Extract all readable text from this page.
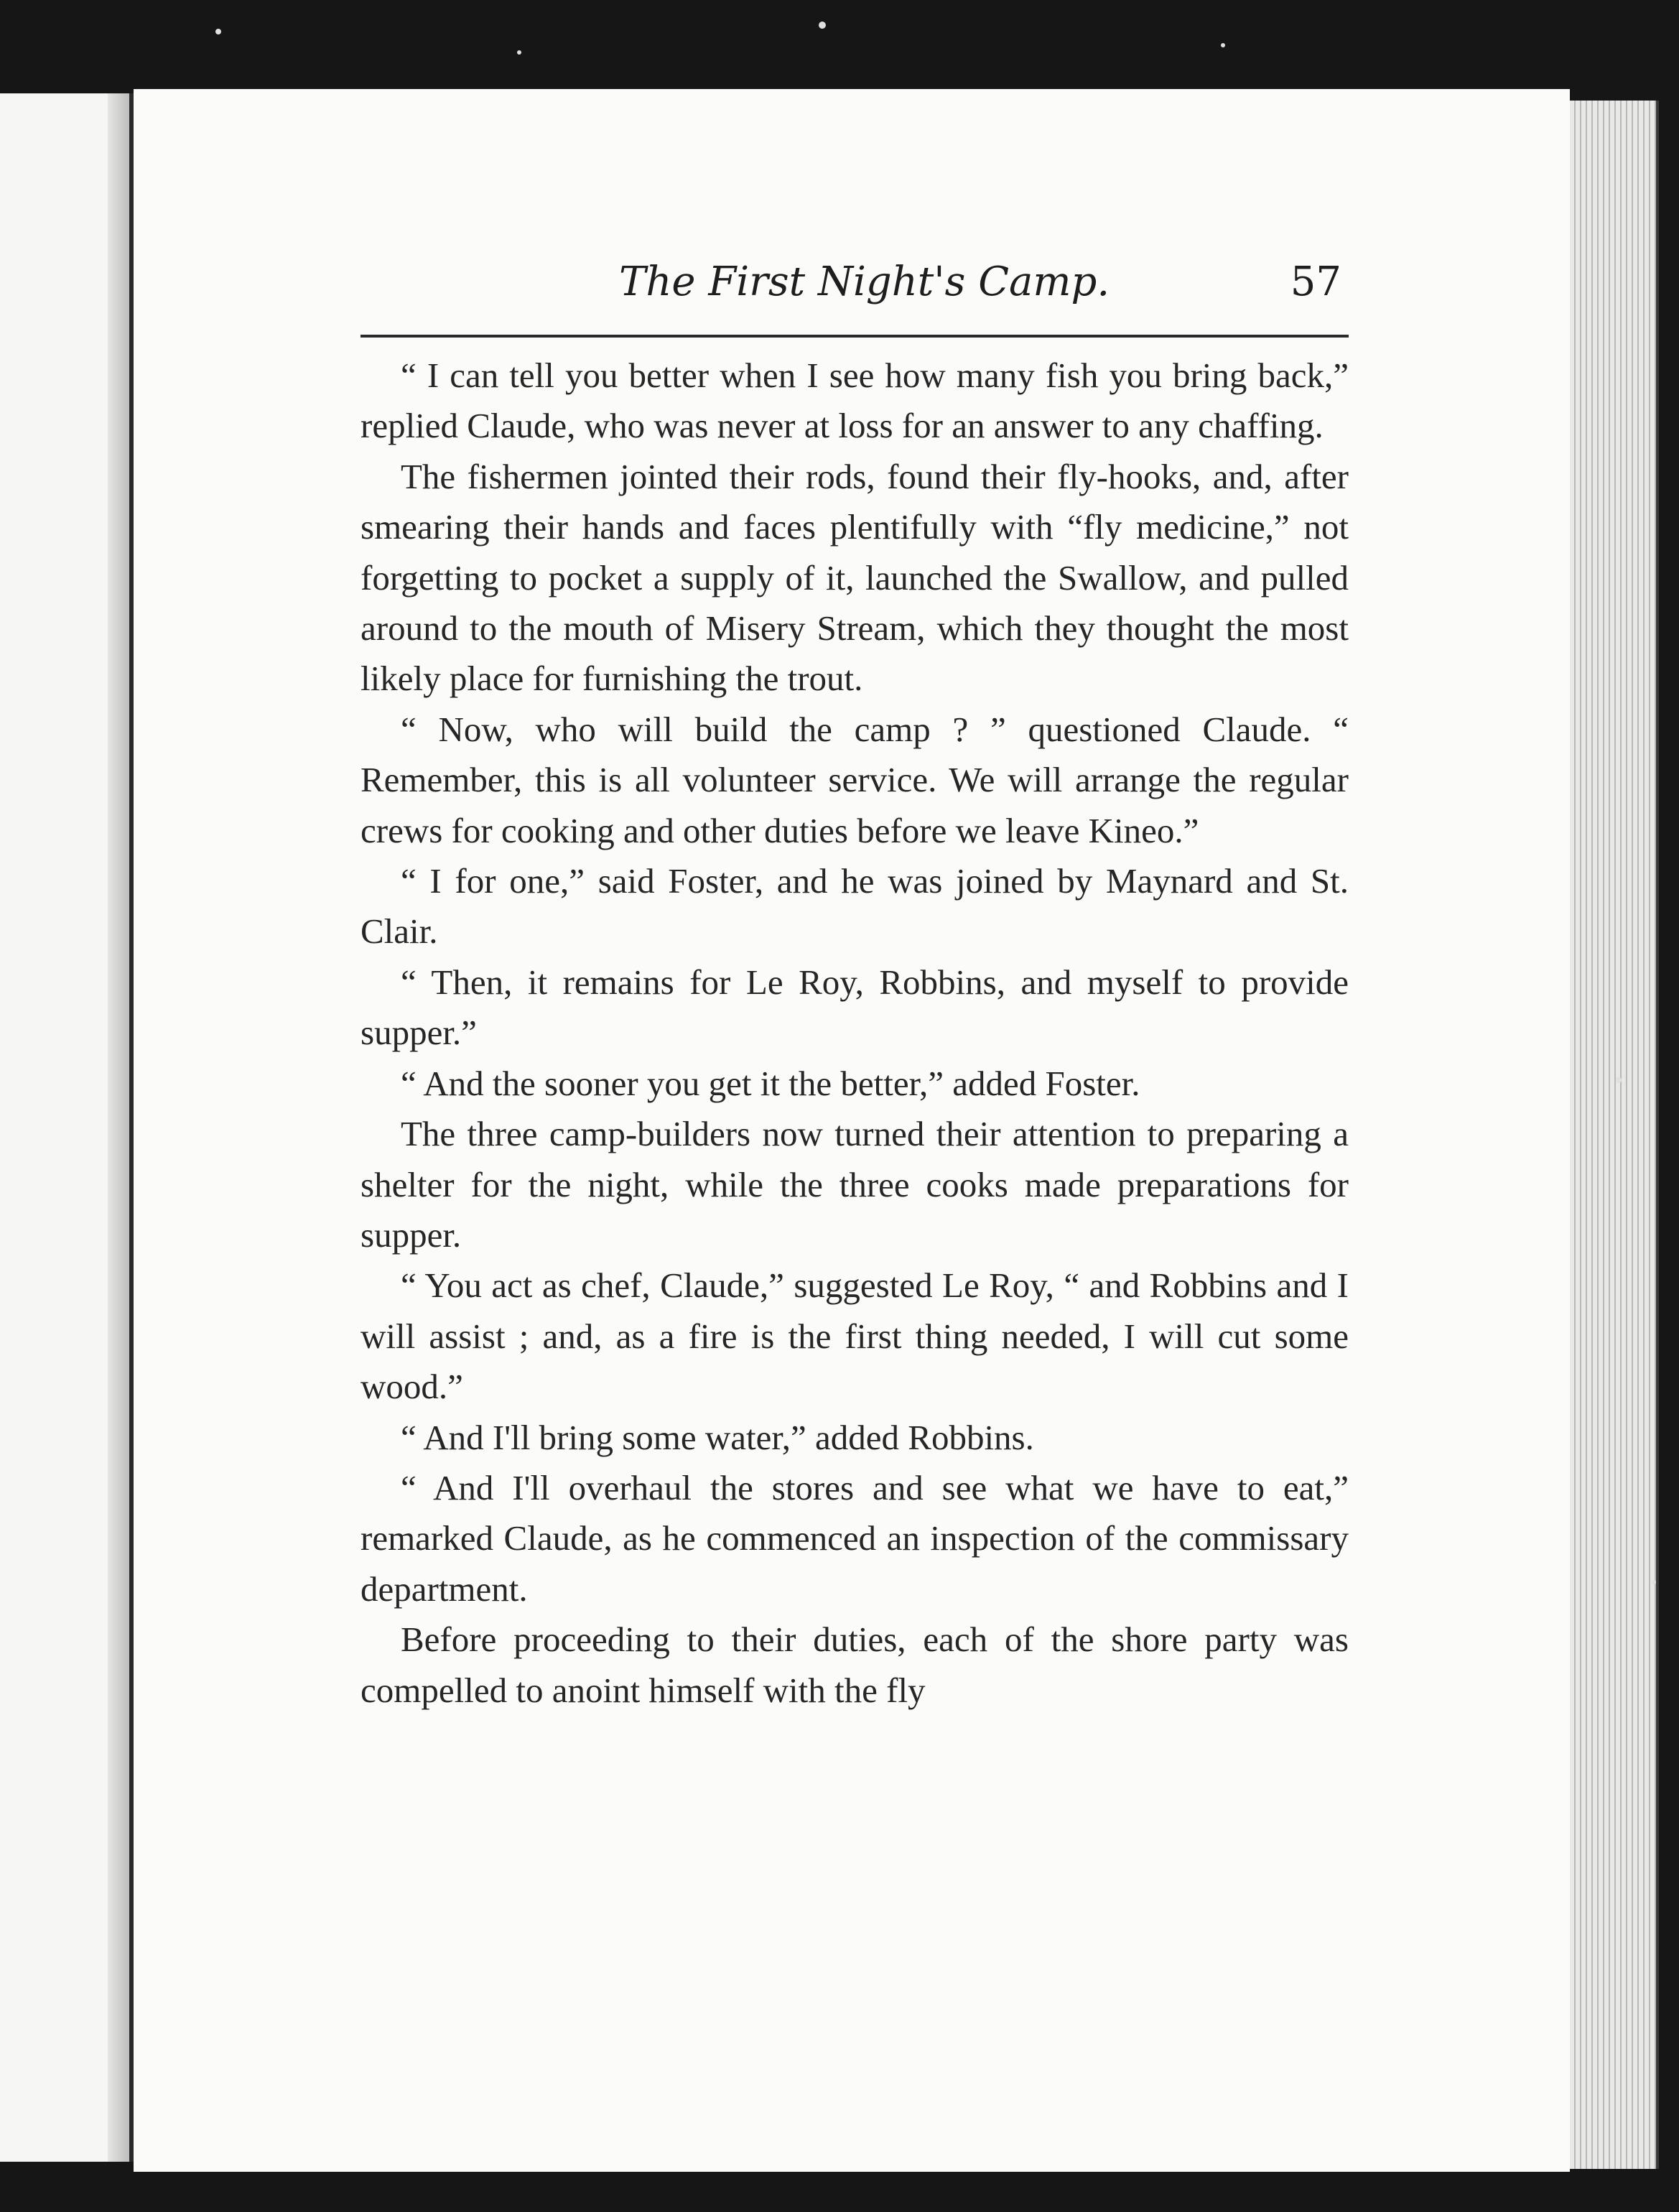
The First Night's Camp.	57

“ I can tell you better when I see how many fish you bring back,” replied Claude, who was never at loss for an answer to any chaffing.

The fishermen jointed their rods, found their fly-hooks, and, after smearing their hands and faces plentifully with “fly medicine,” not forgetting to pocket a supply of it, launched the Swallow, and pulled around to the mouth of Misery Stream, which they thought the most likely place for furnishing the trout.

“ Now, who will build the camp ? ” questioned Claude. “ Remember, this is all volunteer service. We will arrange the regular crews for cooking and other duties before we leave Kineo.”

“ I for one,” said Foster, and he was joined by Maynard and St. Clair.

“ Then, it remains for Le Roy, Robbins, and myself to provide supper.”

“ And the sooner you get it the better,” added Foster.

The three camp-builders now turned their attention to preparing a shelter for the night, while the three cooks made preparations for supper.

“ You act as chef, Claude,” suggested Le Roy, “ and Robbins and I will assist ; and, as a fire is the first thing needed, I will cut some wood.”

“ And I'll bring some water,” added Robbins.

“ And I'll overhaul the stores and see what we have to eat,” remarked Claude, as he commenced an inspection of the commissary department.

Before proceeding to their duties, each of the shore party was compelled to anoint himself with the fly
